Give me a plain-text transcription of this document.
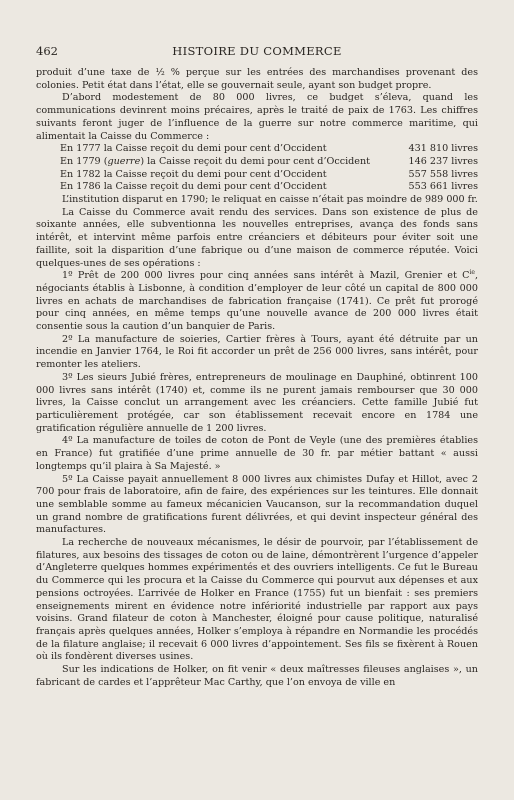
462	HISTOIRE DU COMMERCE

produit d’une taxe de ½ % perçue sur les entrées des marchandises provenant des colonies. Petit état dans l’état, elle se gouvernait seule, ayant son budget propre.

D’abord modestement de 80 000 livres, ce budget s’éleva, quand les communications devinrent moins précaires, après le traité de paix de 1763. Les chiffres suivants feront juger de l’influence de la guerre sur notre commerce maritime, qui alimentait la Caisse du Commerce :

En 1777 la Caisse reçoit du demi pour cent d’Occident	431 810 livres
En 1779 (guerre) la Caisse reçoit du demi pour cent d’Occident	146 237 livres
En 1782 la Caisse reçoit du demi pour cent d’Occident	557 558 livres
En 1786 la Caisse reçoit du demi pour cent d’Occident	553 661 livres

L’institution disparut en 1790; le reliquat en caisse n’était pas moindre de 989 000 fr.

La Caisse du Commerce avait rendu des services. Dans son existence de plus de soixante années, elle subventionna les nouvelles entreprises, avança des fonds sans intérêt, et intervint même parfois entre créanciers et débiteurs pour éviter soit une faillite, soit la disparition d’une fabrique ou d’une maison de commerce réputée. Voici quelques-unes de ses opérations :

1º Prêt de 200 000 livres pour cinq années sans intérêt à Mazil, Grenier et $C^{ie}$, négociants établis à Lisbonne, à condition d’employer de leur côté un capital de 800 000 livres en achats de marchandises de fabrication française (1741). Ce prêt fut prorogé pour cinq années, en même temps qu’une nouvelle avance de 200 000 livres était consentie sous la caution d’un banquier de Paris.

2º La manufacture de soieries, Cartier frères à Tours, ayant été détruite par un incendie en Janvier 1764, le Roi fit accorder un prêt de 256 000 livres, sans intérêt, pour remonter les ateliers.

3º Les sieurs Jubié frères, entrepreneurs de moulinage en Dauphiné, obtinrent 100 000 livres sans intérêt (1740) et, comme ils ne purent jamais rembourser que 30 000 livres, la Caisse conclut un arrangement avec les créanciers. Cette famille Jubié fut particulièrement protégée, car son établissement recevait encore en 1784 une gratification régulière annuelle de 1 200 livres.

4º La manufacture de toiles de coton de Pont de Veyle (une des premières établies en France) fut gratifiée d’une prime annuelle de 30 fr. par métier battant « aussi longtemps qu’il plaira à Sa Majesté. »

5º La Caisse payait annuellement 8 000 livres aux chimistes Dufay et Hillot, avec 2 700 pour frais de laboratoire, afin de faire, des expériences sur les teintures. Elle donnait une semblable somme au fameux mécanicien Vaucanson, sur la recommandation duquel un grand nombre de gratifications furent délivrées, et qui devint inspecteur général des manufactures.

La recherche de nouveaux mécanismes, le désir de pourvoir, par l’établissement de filatures, aux besoins des tissages de coton ou de laine, démontrèrent l’urgence d’appeler d’Angleterre quelques hommes expérimentés et des ouvriers intelligents. Ce fut le Bureau du Commerce qui les procura et la Caisse du Commerce qui pourvut aux dépenses et aux pensions octroyées. L’arrivée de Holker en France (1755) fut un bienfait : ses premiers enseignements mirent en évidence notre infériorité industrielle par rapport aux pays voisins. Grand filateur de coton à Manchester, éloigné pour cause politique, naturalisé français après quelques années, Holker s’employa à répandre en Normandie les procédés de la filature anglaise; il recevait 6 000 livres d’appointement. Ses fils se fixèrent à Rouen où ils fondèrent diverses usines.

Sur les indications de Holker, on fit venir « deux maîtresses fileuses anglaises », un fabricant de cardes et l’apprêteur Mac Carthy, que l’on envoya de ville en
